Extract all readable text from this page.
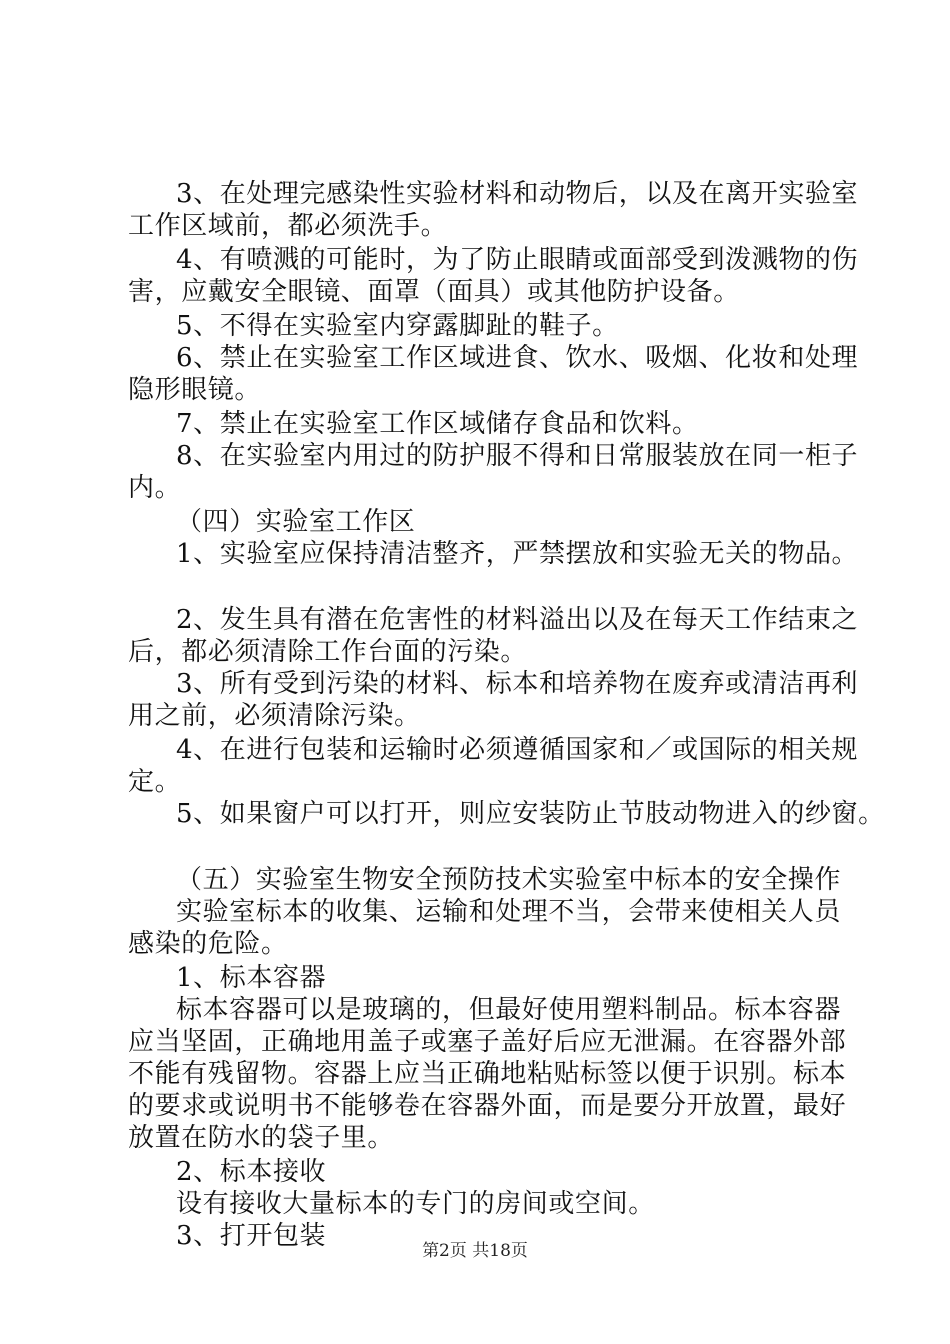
3、在处理完感染性实验材料和动物后，以及在离开实验室
工作区域前，都必须洗手。
4、有喷溅的可能时，为了防止眼睛或面部受到泼溅物的伤
害，应戴安全眼镜、面罩（面具）或其他防护设备。
5、不得在实验室内穿露脚趾的鞋子。
6、禁止在实验室工作区域进食、饮水、吸烟、化妆和处理
隐形眼镜。
7、禁止在实验室工作区域储存食品和饮料。
8、在实验室内用过的防护服不得和日常服装放在同一柜子
内。
（四）实验室工作区
1、实验室应保持清洁整齐，严禁摆放和实验无关的物品。
2、发生具有潜在危害性的材料溢出以及在每天工作结束之
后，都必须清除工作台面的污染。
3、所有受到污染的材料、标本和培养物在废弃或清洁再利
用之前，必须清除污染。
4、在进行包装和运输时必须遵循国家和／或国际的相关规
定。
5、如果窗户可以打开，则应安装防止节肢动物进入的纱窗。
（五）实验室生物安全预防技术实验室中标本的安全操作
实验室标本的收集、运输和处理不当，会带来使相关人员
感染的危险。
1、标本容器
标本容器可以是玻璃的，但最好使用塑料制品。标本容器
应当坚固，正确地用盖子或塞子盖好后应无泄漏。在容器外部
不能有残留物。容器上应当正确地粘贴标签以便于识别。标本
的要求或说明书不能够卷在容器外面，而是要分开放置，最好
放置在防水的袋子里。
2、标本接收
设有接收大量标本的专门的房间或空间。
3、打开包装	第2页 共18页
